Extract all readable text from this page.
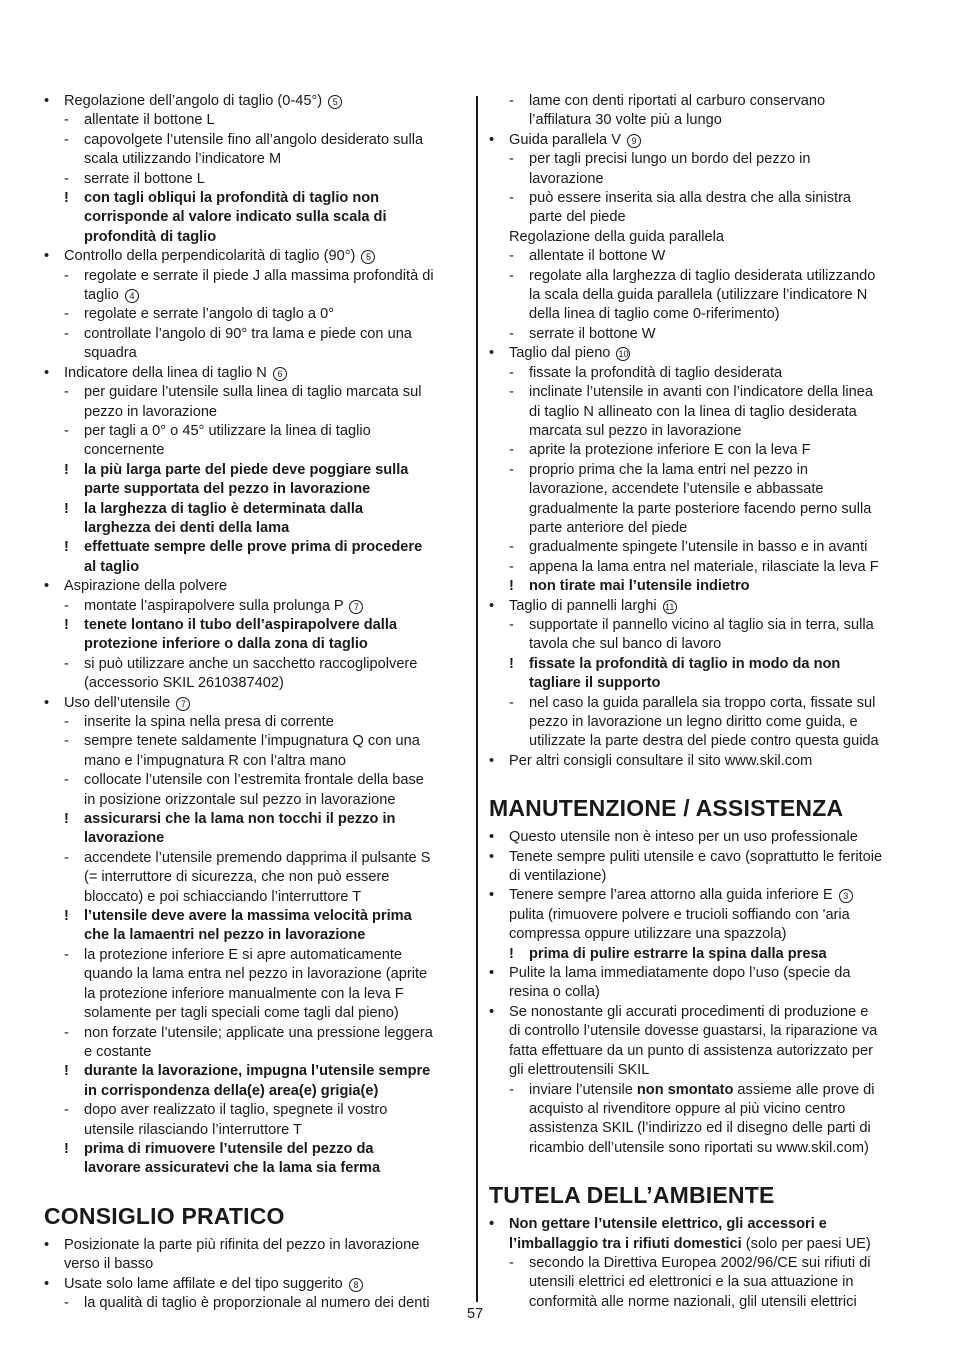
• Regolazione dell’angolo di taglio (0-45°) 5
- allentate il bottone L
- capovolgete l’utensile fino all’angolo desiderato sulla
scala utilizzando l’indicatore M
- serrate il bottone L
! con tagli obliqui la profondità di taglio non
corrisponde al valore indicato sulla scala di
profondità di taglio
• Controllo della perpendicolarità di taglio (90°) 5
- regolate e serrate il piede J alla massima profondità di
taglio 4
- regolate e serrate l’angolo di taglo a 0°
- controllate l’angolo di 90° tra lama e piede con una
squadra
• Indicatore della linea di taglio N 6
- per guidare l’utensile sulla linea di taglio marcata sul
pezzo in lavorazione
- per tagli a 0° o 45° utilizzare la linea di taglio
concernente
! la più larga parte del piede deve poggiare sulla
parte supportata del pezzo in lavorazione
! la larghezza di taglio è determinata dalla
larghezza dei denti della lama
! effettuate sempre delle prove prima di procedere
al taglio
• Aspirazione della polvere
- montate l’aspirapolvere sulla prolunga P 7
! tenete lontano il tubo dell’aspirapolvere dalla
protezione inferiore o dalla zona di taglio
- si può utilizzare anche un sacchetto raccoglipolvere
(accessorio SKIL 2610387402)
• Uso dell’utensile 7
- inserite la spina nella presa di corrente
- sempre tenete saldamente l’impugnatura Q con una
mano e l’impugnatura R con l’altra mano
- collocate l’utensile con l’estremita frontale della base
in posizione orizzontale sul pezzo in lavorazione
! assicurarsi che la lama non tocchi il pezzo in
lavorazione
- accendete l’utensile premendo dapprima il pulsante S
(= interruttore di sicurezza, che non può essere
bloccato) e poi schiacciando l’interruttore T
! l’utensile deve avere la massima velocità prima
che la lamaentri nel pezzo in lavorazione
- la protezione inferiore E si apre automaticamente
quando la lama entra nel pezzo in lavorazione (aprite
la protezione inferiore manualmente con la leva F
solamente per tagli speciali come tagli dal pieno)
- non forzate l’utensile; applicate una pressione leggera
e costante
! durante la lavorazione, impugna l’utensile sempre
in corrispondenza della(e) area(e) grigia(e)
- dopo aver realizzato il taglio, spegnete il vostro
utensile rilasciando l’interruttore T
! prima di rimuovere l’utensile del pezzo da
lavorare assicuratevi che la lama sia ferma
CONSIGLIO PRATICO
• Posizionate la parte più rifinita del pezzo in lavorazione
verso il basso
• Usate solo lame affilate e del tipo suggerito 8
- la qualità di taglio è proporzionale al numero dei denti
- lame con denti riportati al carburo conservano
l’affilatura 30 volte più a lungo
• Guida parallela V 9
- per tagli precisi lungo un bordo del pezzo in
lavorazione
- può essere inserita sia alla destra che alla sinistra
parte del piede
Regolazione della guida parallela
- allentate il bottone W
- regolate alla larghezza di taglio desiderata utilizzando
la scala della guida parallela (utilizzare l’indicatore N
della linea di taglio come 0-riferimento)
- serrate il bottone W
• Taglio dal pieno 10
- fissate la profondità di taglio desiderata
- inclinate l’utensile in avanti con l’indicatore della linea
di taglio N allineato con la linea di taglio desiderata
marcata sul pezzo in lavorazione
- aprite la protezione inferiore E con la leva F
- proprio prima che la lama entri nel pezzo in
lavorazione, accendete l’utensile e abbassate
gradualmente la parte posteriore facendo perno sulla
parte anteriore del piede
- gradualmente spingete l’utensile in basso e in avanti
- appena la lama entra nel materiale, rilasciate la leva F
! non tirate mai l’utensile indietro
• Taglio di pannelli larghi 11
- supportate il pannello vicino al taglio sia in terra, sulla
tavola che sul banco di lavoro
! fissate la profondità di taglio in modo da non
tagliare il supporto
- nel caso la guida parallela sia troppo corta, fissate sul
pezzo in lavorazione un legno diritto come guida, e
utilizzate la parte destra del piede contro questa guida
• Per altri consigli consultare il sito www.skil.com
MANUTENZIONE / ASSISTENZA
• Questo utensile non è inteso per un uso professionale
• Tenete sempre puliti utensile e cavo (soprattutto le feritoie
di ventilazione)
• Tenere sempre l’area attorno alla guida inferiore E 3
pulita (rimuovere polvere e trucioli soffiando con 'aria
compressa oppure utilizzare una spazzola)
! prima di pulire estrarre la spina dalla presa
• Pulite la lama immediatamente dopo l’uso (specie da
resina o colla)
• Se nonostante gli accurati procedimenti di produzione e
di controllo l’utensile dovesse guastarsi, la riparazione va
fatta effettuare da un punto di assistenza autorizzato per
gli elettroutensili SKIL
- inviare l’utensile non smontato assieme alle prove di
acquisto al rivenditore oppure al più vicino centro
assistenza SKIL (l’indirizzo ed il disegno delle parti di
ricambio dell’utensile sono riportati su www.skil.com)
TUTELA DELL’AMBIENTE
• Non gettare l’utensile elettrico, gli accessori e
l’imballaggio tra i rifiuti domestici (solo per paesi UE)
- secondo la Direttiva Europea 2002/96/CE sui rifiuti di
utensili elettrici ed elettronici e la sua attuazione in
conformità alle norme nazionali, glil utensili elettrici
57
